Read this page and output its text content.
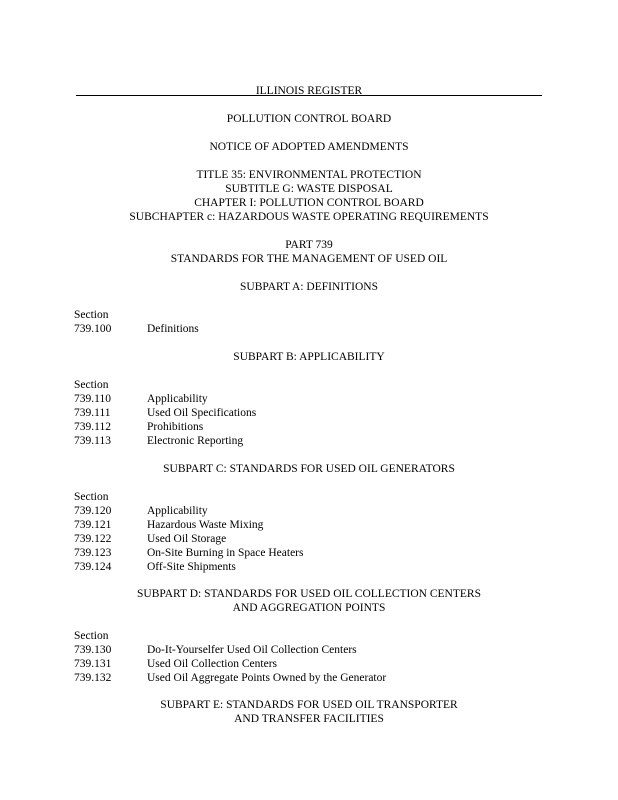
ILLINOIS REGISTER
POLLUTION CONTROL BOARD
NOTICE OF ADOPTED AMENDMENTS
TITLE 35: ENVIRONMENTAL PROTECTION
SUBTITLE G: WASTE DISPOSAL
CHAPTER I: POLLUTION CONTROL BOARD
SUBCHAPTER c: HAZARDOUS WASTE OPERATING REQUIREMENTS
PART 739
STANDARDS FOR THE MANAGEMENT OF USED OIL
SUBPART A: DEFINITIONS
Section
739.100	Definitions
SUBPART B: APPLICABILITY
Section
739.110	Applicability
739.111	Used Oil Specifications
739.112	Prohibitions
739.113	Electronic Reporting
SUBPART C: STANDARDS FOR USED OIL GENERATORS
Section
739.120	Applicability
739.121	Hazardous Waste Mixing
739.122	Used Oil Storage
739.123	On-Site Burning in Space Heaters
739.124	Off-Site Shipments
SUBPART D: STANDARDS FOR USED OIL COLLECTION CENTERS
AND AGGREGATION POINTS
Section
739.130	Do-It-Yourselfer Used Oil Collection Centers
739.131	Used Oil Collection Centers
739.132	Used Oil Aggregate Points Owned by the Generator
SUBPART E: STANDARDS FOR USED OIL TRANSPORTER
AND TRANSFER FACILITIES
